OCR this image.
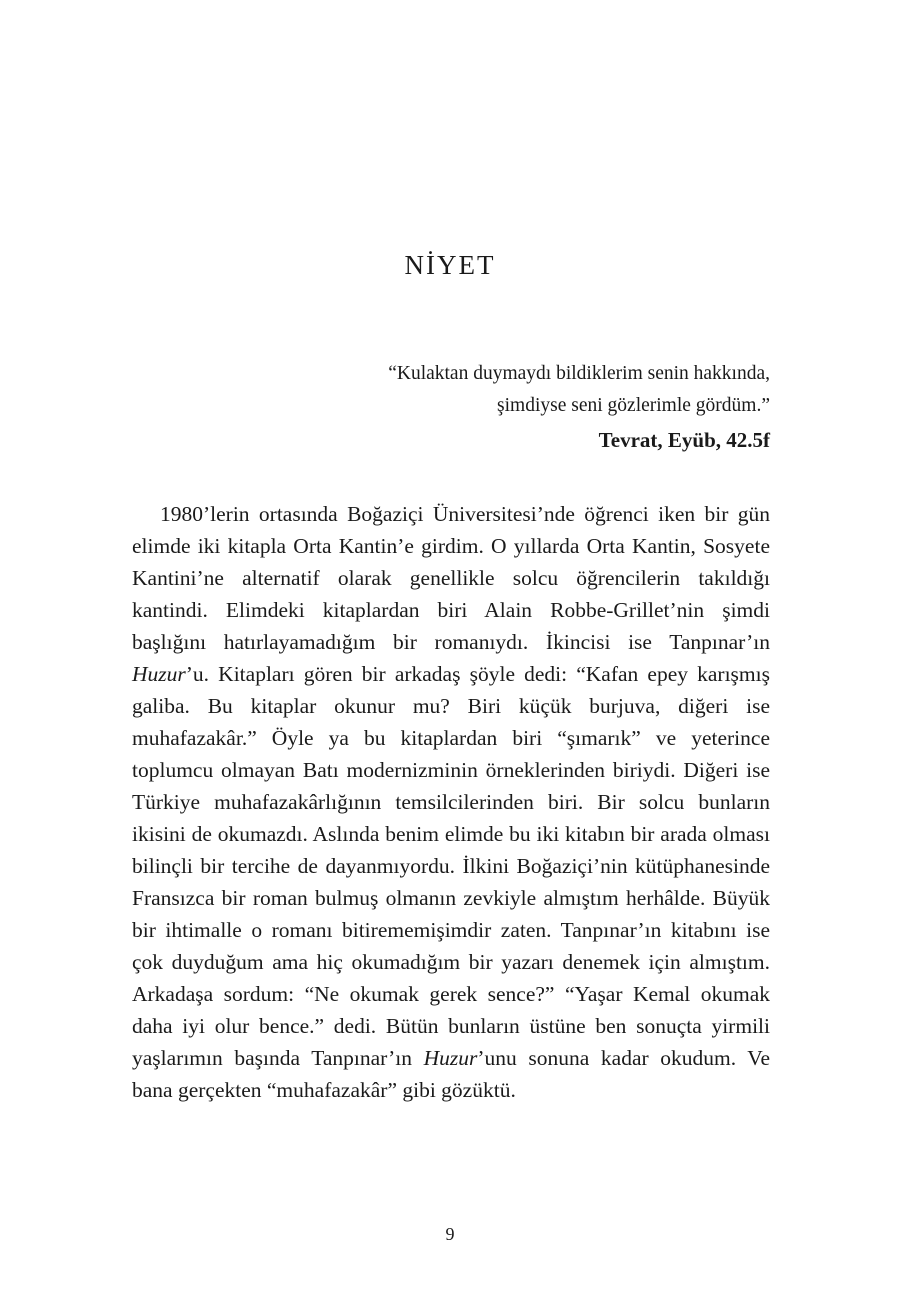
NİYET
“Kulaktan duymaydı bildiklerim senin hakkında,
şimdiyse seni gözlerimle gördüm.”
Tevrat, Eyüb, 42.5f

1980’lerin ortasında Boğaziçi Üniversitesi’nde öğrenci iken bir gün elimde iki kitapla Orta Kantin’e girdim. O yıllarda Orta Kantin, Sosyete Kantini’ne alternatif olarak genellikle solcu öğrencilerin takıldığı kantindi. Elimdeki kitaplardan biri Alain Robbe-Grillet’nin şimdi başlığını hatırlayamadığım bir romanıydı. İkincisi ise Tanpınar’ın Huzur’u. Kitapları gören bir arkadaş şöyle dedi: “Kafan epey karışmış galiba. Bu kitaplar okunur mu? Biri küçük burjuva, diğeri ise muhafazakâr.” Öyle ya bu kitaplardan biri “şımarık” ve yeterince toplumcu olmayan Batı modernizminin örneklerinden biriydi. Diğeri ise Türkiye muhafazakârlığının temsilcilerinden biri. Bir solcu bunların ikisini de okumazdı. Aslında benim elimde bu iki kitabın bir arada olması bilinçli bir tercihe de dayanmıyordu. İlkini Boğaziçi’nin kütüphanesinde Fransızca bir roman bulmuş olmanın zevkiyle almıştım herhâlde. Büyük bir ihtimalle o romanı bitirememişimdir zaten. Tanpınar’ın kitabını ise çok duyduğum ama hiç okumadığım bir yazarı denemek için almıştım. Arkadaşa sordum: “Ne okumak gerek sence?” “Yaşar Kemal okumak daha iyi olur bence.” dedi. Bütün bunların üstüne ben sonuçta yirmili yaşlarımın başında Tanpınar’ın Huzur’unu sonuna kadar okudum. Ve bana gerçekten “muhafazakâr” gibi gözüktü.

9
